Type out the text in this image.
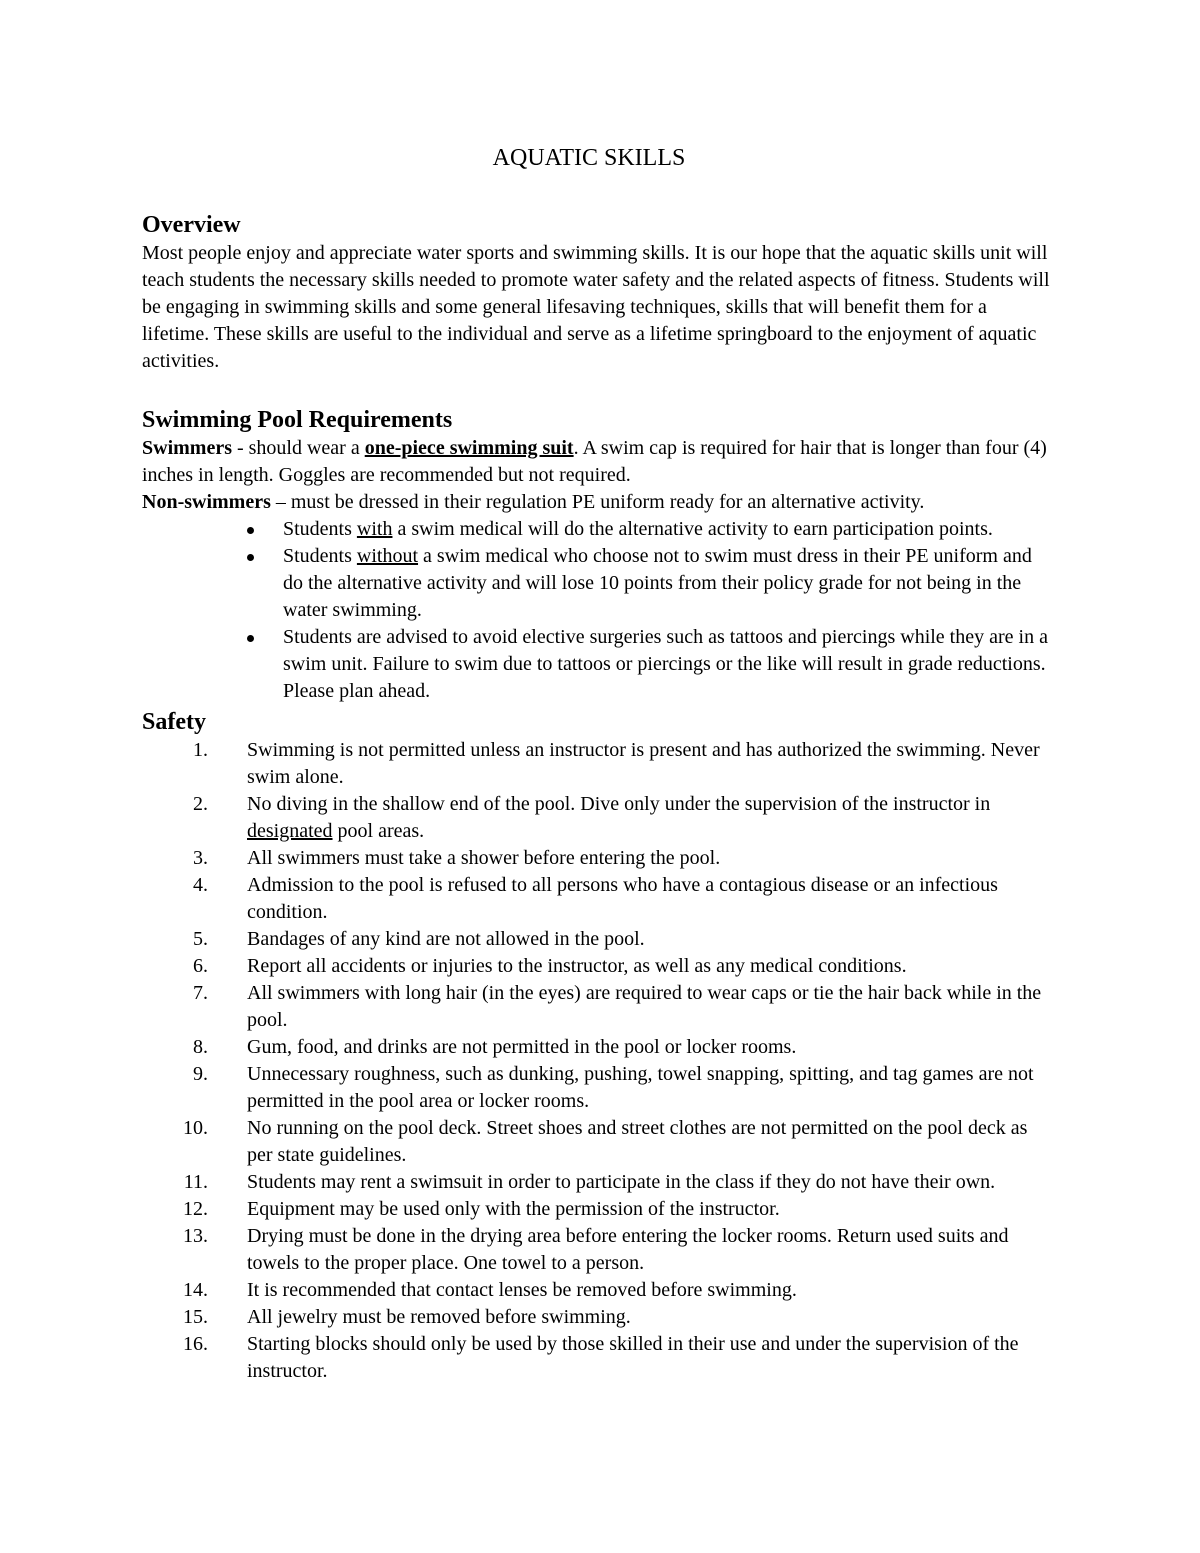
AQUATIC SKILLS
Overview

Most people enjoy and appreciate water sports and swimming skills. It is our hope that the aquatic skills unit will teach students the necessary skills needed to promote water safety and the related aspects of fitness. Students will be engaging in swimming skills and some general lifesaving techniques, skills that will benefit them for a lifetime. These skills are useful to the individual and serve as a lifetime springboard to the enjoyment of aquatic activities.

Swimming Pool Requirements

Swimmers - should wear a one-piece swimming suit. A swim cap is required for hair that is longer than four (4) inches in length. Goggles are recommended but not required.

Non-swimmers – must be dressed in their regulation PE uniform ready for an alternative activity.

Students with a swim medical will do the alternative activity to earn participation points.
Students without a swim medical who choose not to swim must dress in their PE uniform and do the alternative activity and will lose 10 points from their policy grade for not being in the water swimming.
Students are advised to avoid elective surgeries such as tattoos and piercings while they are in a swim unit. Failure to swim due to tattoos or piercings or the like will result in grade reductions. Please plan ahead.
Safety
1. Swimming is not permitted unless an instructor is present and has authorized the swimming. Never swim alone.
2. No diving in the shallow end of the pool. Dive only under the supervision of the instructor in designated pool areas.
3. All swimmers must take a shower before entering the pool.
4. Admission to the pool is refused to all persons who have a contagious disease or an infectious condition.
5. Bandages of any kind are not allowed in the pool.
6. Report all accidents or injuries to the instructor, as well as any medical conditions.
7. All swimmers with long hair (in the eyes) are required to wear caps or tie the hair back while in the pool.
8. Gum, food, and drinks are not permitted in the pool or locker rooms.
9. Unnecessary roughness, such as dunking, pushing, towel snapping, spitting, and tag games are not permitted in the pool area or locker rooms.
10. No running on the pool deck. Street shoes and street clothes are not permitted on the pool deck as per state guidelines.
11. Students may rent a swimsuit in order to participate in the class if they do not have their own.
12. Equipment may be used only with the permission of the instructor.
13. Drying must be done in the drying area before entering the locker rooms. Return used suits and towels to the proper place. One towel to a person.
14. It is recommended that contact lenses be removed before swimming.
15. All jewelry must be removed before swimming.
16. Starting blocks should only be used by those skilled in their use and under the supervision of the instructor.
